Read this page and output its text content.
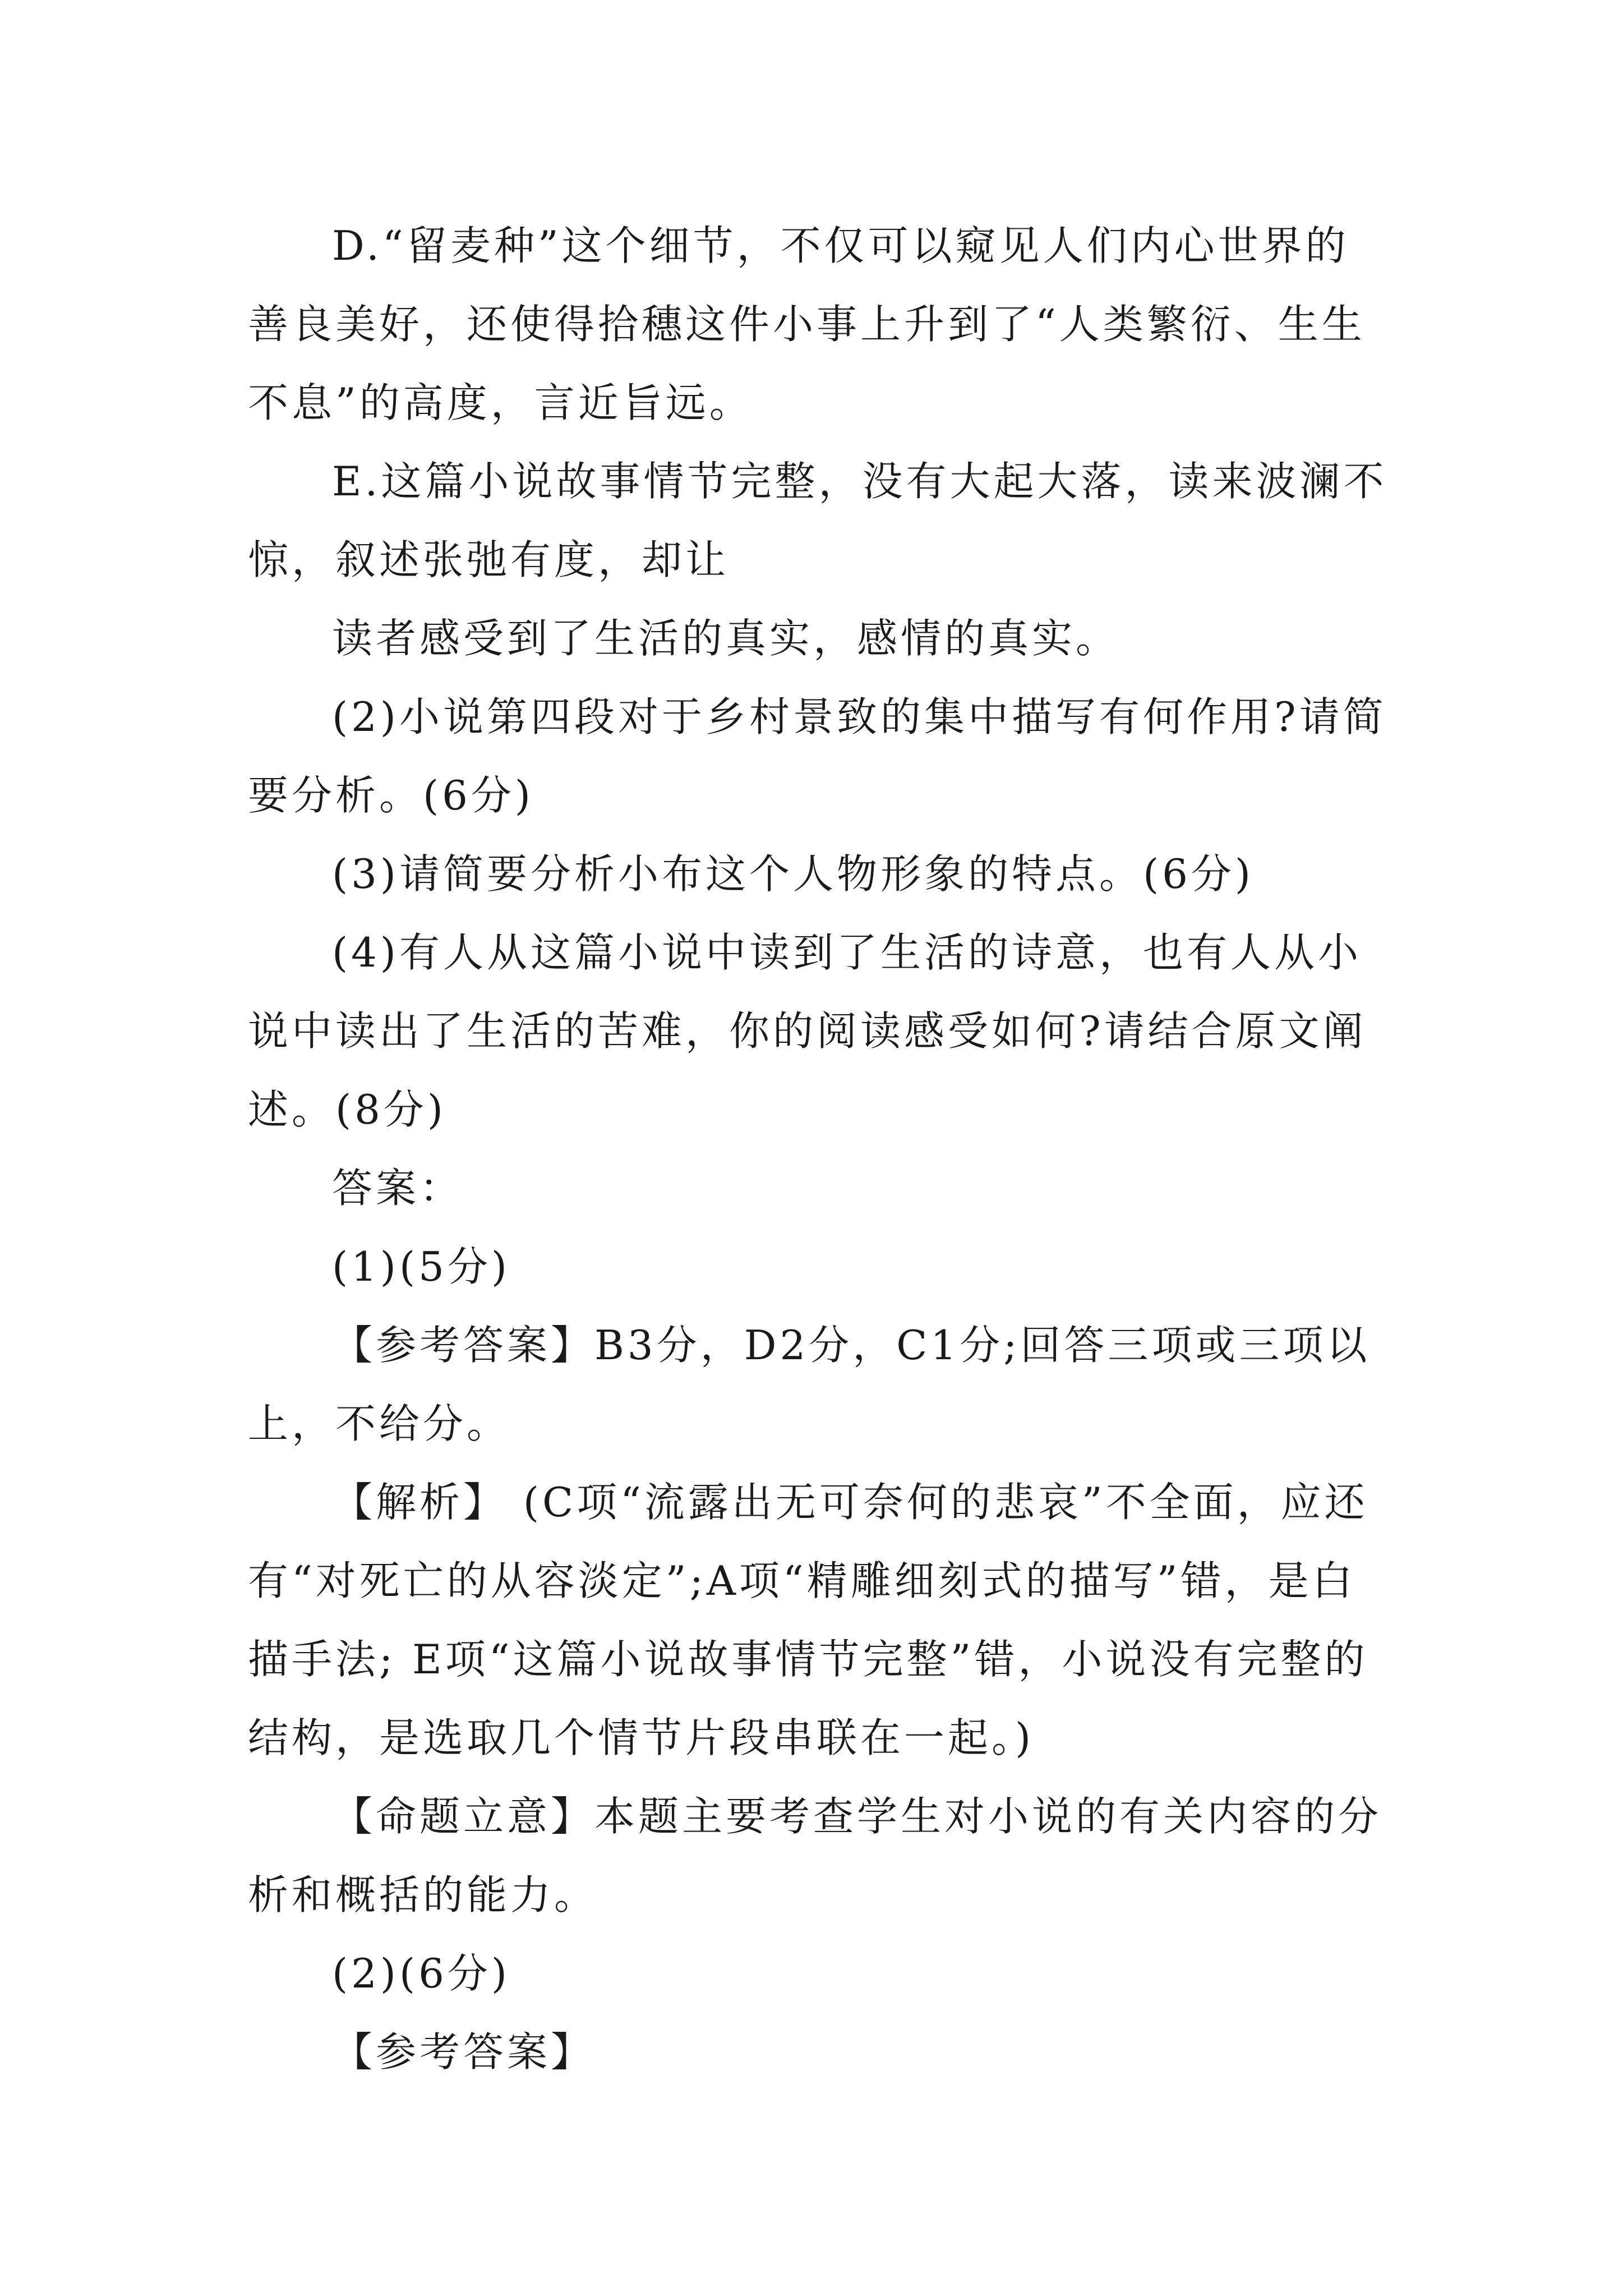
D.“留麦种”这个细节，不仅可以窥见人们内心世界的善良美好，还使得拾穗这件小事上升到了“人类繁衍、生生不息”的高度，言近旨远。

E.这篇小说故事情节完整，没有大起大落，读来波澜不惊，叙述张弛有度，却让

读者感受到了生活的真实，感情的真实。

(2)小说第四段对于乡村景致的集中描写有何作用?请简要分析。(6分)

(3)请简要分析小布这个人物形象的特点。(6分)

(4)有人从这篇小说中读到了生活的诗意，也有人从小说中读出了生活的苦难，你的阅读感受如何?请结合原文阐述。(8分)

答案：

(1)(5分)

【参考答案】B3分，D2分，C1分;回答三项或三项以上，不给分。

【解析】 (C项“流露出无可奈何的悲哀”不全面，应还有“对死亡的从容淡定”;A项“精雕细刻式的描写”错，是白描手法; E项“这篇小说故事情节完整”错，小说没有完整的结构，是选取几个情节片段串联在一起。)

【命题立意】本题主要考查学生对小说的有关内容的分析和概括的能力。

(2)(6分)

【参考答案】
